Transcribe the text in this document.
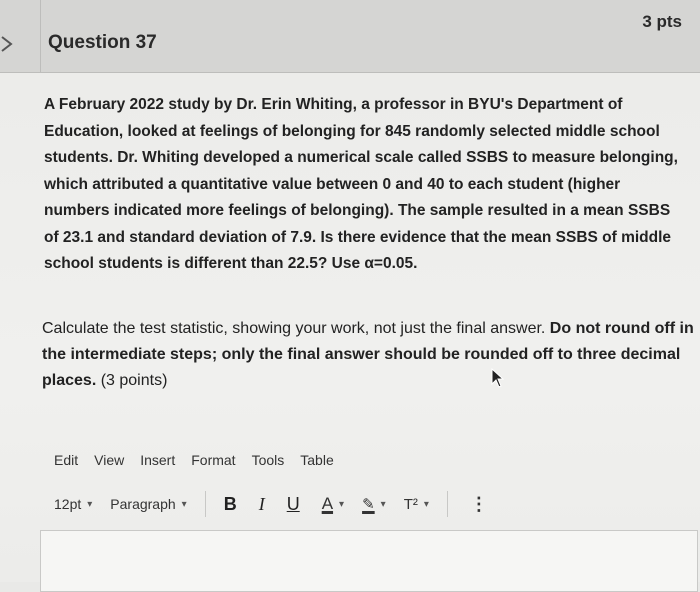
Question 37
3 pts

A February 2022 study by Dr. Erin Whiting, a professor in BYU's Department of Education, looked at feelings of belonging for 845 randomly selected middle school students. Dr. Whiting developed a numerical scale called SSBS to measure belonging, which attributed a quantitative value between 0 and 40 to each student (higher numbers indicated more feelings of belonging). The sample resulted in a mean SSBS of 23.1 and standard deviation of 7.9. Is there evidence that the mean SSBS of middle school students is different than 22.5? Use α=0.05.

Calculate the test statistic, showing your work, not just the final answer. Do not round off in the intermediate steps; only the final answer should be rounded off to three decimal places. (3 points)

Edit View Insert Format Tools Table
12pt ▾ Paragraph ▾ B I U A ▾ ✎ ▾ T² ▾ ⋮
